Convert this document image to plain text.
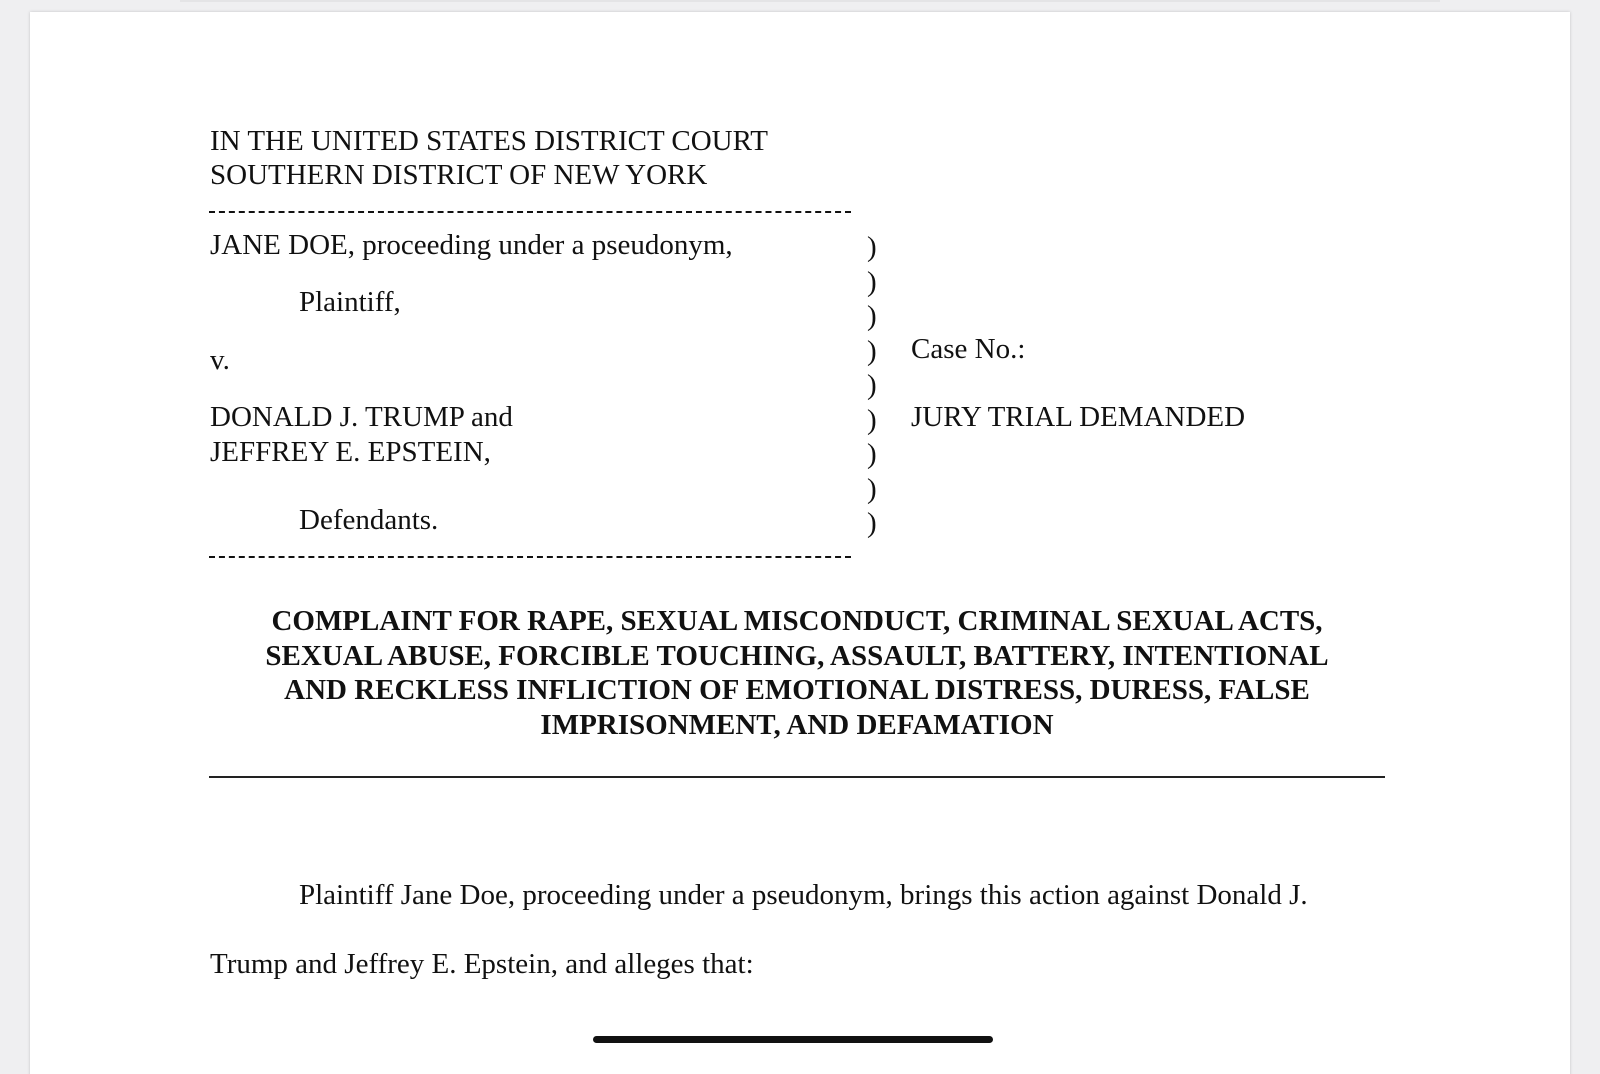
IN THE UNITED STATES DISTRICT COURT
SOUTHERN DISTRICT OF NEW YORK
JANE DOE, proceeding under a pseudonym,
Plaintiff,
v.
DONALD J. TRUMP and
JEFFREY E. EPSTEIN,
Defendants.
)
)
)
)
)
)
)
)
)
Case No.:
JURY TRIAL DEMANDED
COMPLAINT FOR RAPE, SEXUAL MISCONDUCT, CRIMINAL SEXUAL ACTS,
SEXUAL ABUSE, FORCIBLE TOUCHING, ASSAULT, BATTERY, INTENTIONAL
AND RECKLESS INFLICTION OF EMOTIONAL DISTRESS, DURESS, FALSE
IMPRISONMENT, AND DEFAMATION
Plaintiff Jane Doe, proceeding under a pseudonym, brings this action against Donald J.
Trump and Jeffrey E. Epstein, and alleges that:
